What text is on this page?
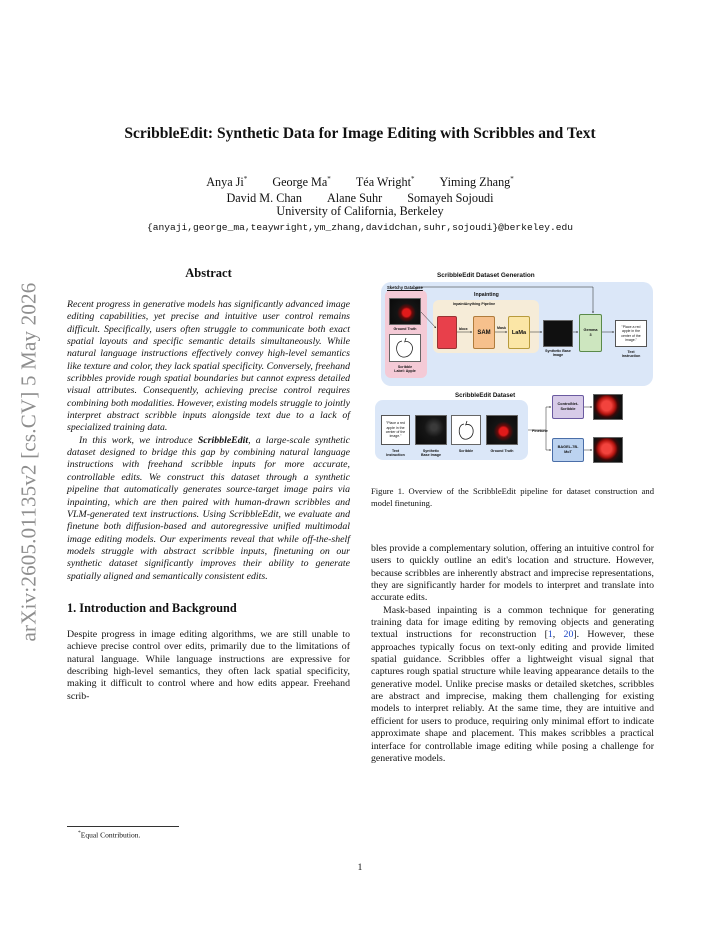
arXiv:2605.01135v2 [cs.CV] 5 May 2026
ScribbleEdit: Synthetic Data for Image Editing with Scribbles and Text
Anya Ji* George Ma* Téa Wright* Yiming Zhang*
David M. Chan Alane Suhr Somayeh Sojoudi
University of California, Berkeley
{anyaji,george_ma,teaywright,ym_zhang,davidchan,suhr,sojoudi}@berkeley.edu
Abstract

Recent progress in generative models has significantly advanced image editing capabilities, yet precise and intuitive user control remains difficult. Specifically, users often struggle to communicate both exact spatial layouts and specific semantic details simultaneously. While natural language instructions effectively convey high-level semantics like texture and color, they lack spatial specificity. Conversely, freehand scribbles provide rough spatial boundaries but cannot express detailed visual attributes. Consequently, achieving precise control requires combining both modalities. However, existing models struggle to jointly interpret abstract scribble inputs alongside text due to a lack of specialized training data.

In this work, we introduce ScribbleEdit, a large-scale synthetic dataset designed to bridge this gap by combining natural language instructions with freehand scribble inputs for more accurate, controllable edits. We construct this dataset through a synthetic pipeline that automatically generates source-target image pairs via inpainting, which are then paired with human-drawn scribbles and VLM-generated text instructions. Using ScribbleEdit, we evaluate and finetune both diffusion-based and autoregressive unified multimodal image editing models. Our experiments reveal that while off-the-shelf models struggle with abstract scribble inputs, finetuning on our synthetic dataset significantly improves their ability to generate spatially aligned and semantically consistent edits.

1. Introduction and Background

Despite progress in image editing algorithms, we are still unable to achieve precise control over edits, primarily due to the limitations of natural language. While language instructions are expressive for describing high-level semantics, they often lack spatial specificity, making it difficult to control where and how edits appear. Freehand scrib-

ScribbleEdit Dataset Generation
Sketchy Database
Ground Truth
Scribble
Label: Apple
Inpainting
InpaintAnything Pipeline
bbox
SAM
Mask
LaMa
Synthetic Base
Image
Gemma
3
"Place a red apple in the center of the image."
Text
Instruction
ScribbleEdit Dataset
"Place a red apple in the center of the image."
Text
Instruction
Synthetic
Base Image
Scribble	Ground Truth
Finetune
ControlNet-
Scribble
BAGEL-7B-
MoT
Figure 1. Overview of the ScribbleEdit pipeline for dataset construction and model finetuning.

bles provide a complementary solution, offering an intuitive control for users to quickly outline an edit's location and structure. However, because scribbles are inherently abstract and imprecise representations, they are significantly harder for models to interpret and translate into accurate edits.

Mask-based inpainting is a common technique for generating training data for image editing by removing objects and generating textual instructions for reconstruction [1, 20]. However, these approaches typically focus on text-only editing and provide limited spatial guidance. Scribbles offer a lightweight visual signal that captures rough spatial structure while leaving appearance details to the generative model. Unlike precise masks or detailed sketches, scribbles are abstract and imprecise, making them challenging for existing models to interpret reliably. At the same time, they are intuitive and efficient for users to produce, requiring only minimal effort to indicate approximate shape and placement. This makes scribbles a practical interface for controllable image editing while posing a challenge for generative models.

*Equal Contribution.
1
